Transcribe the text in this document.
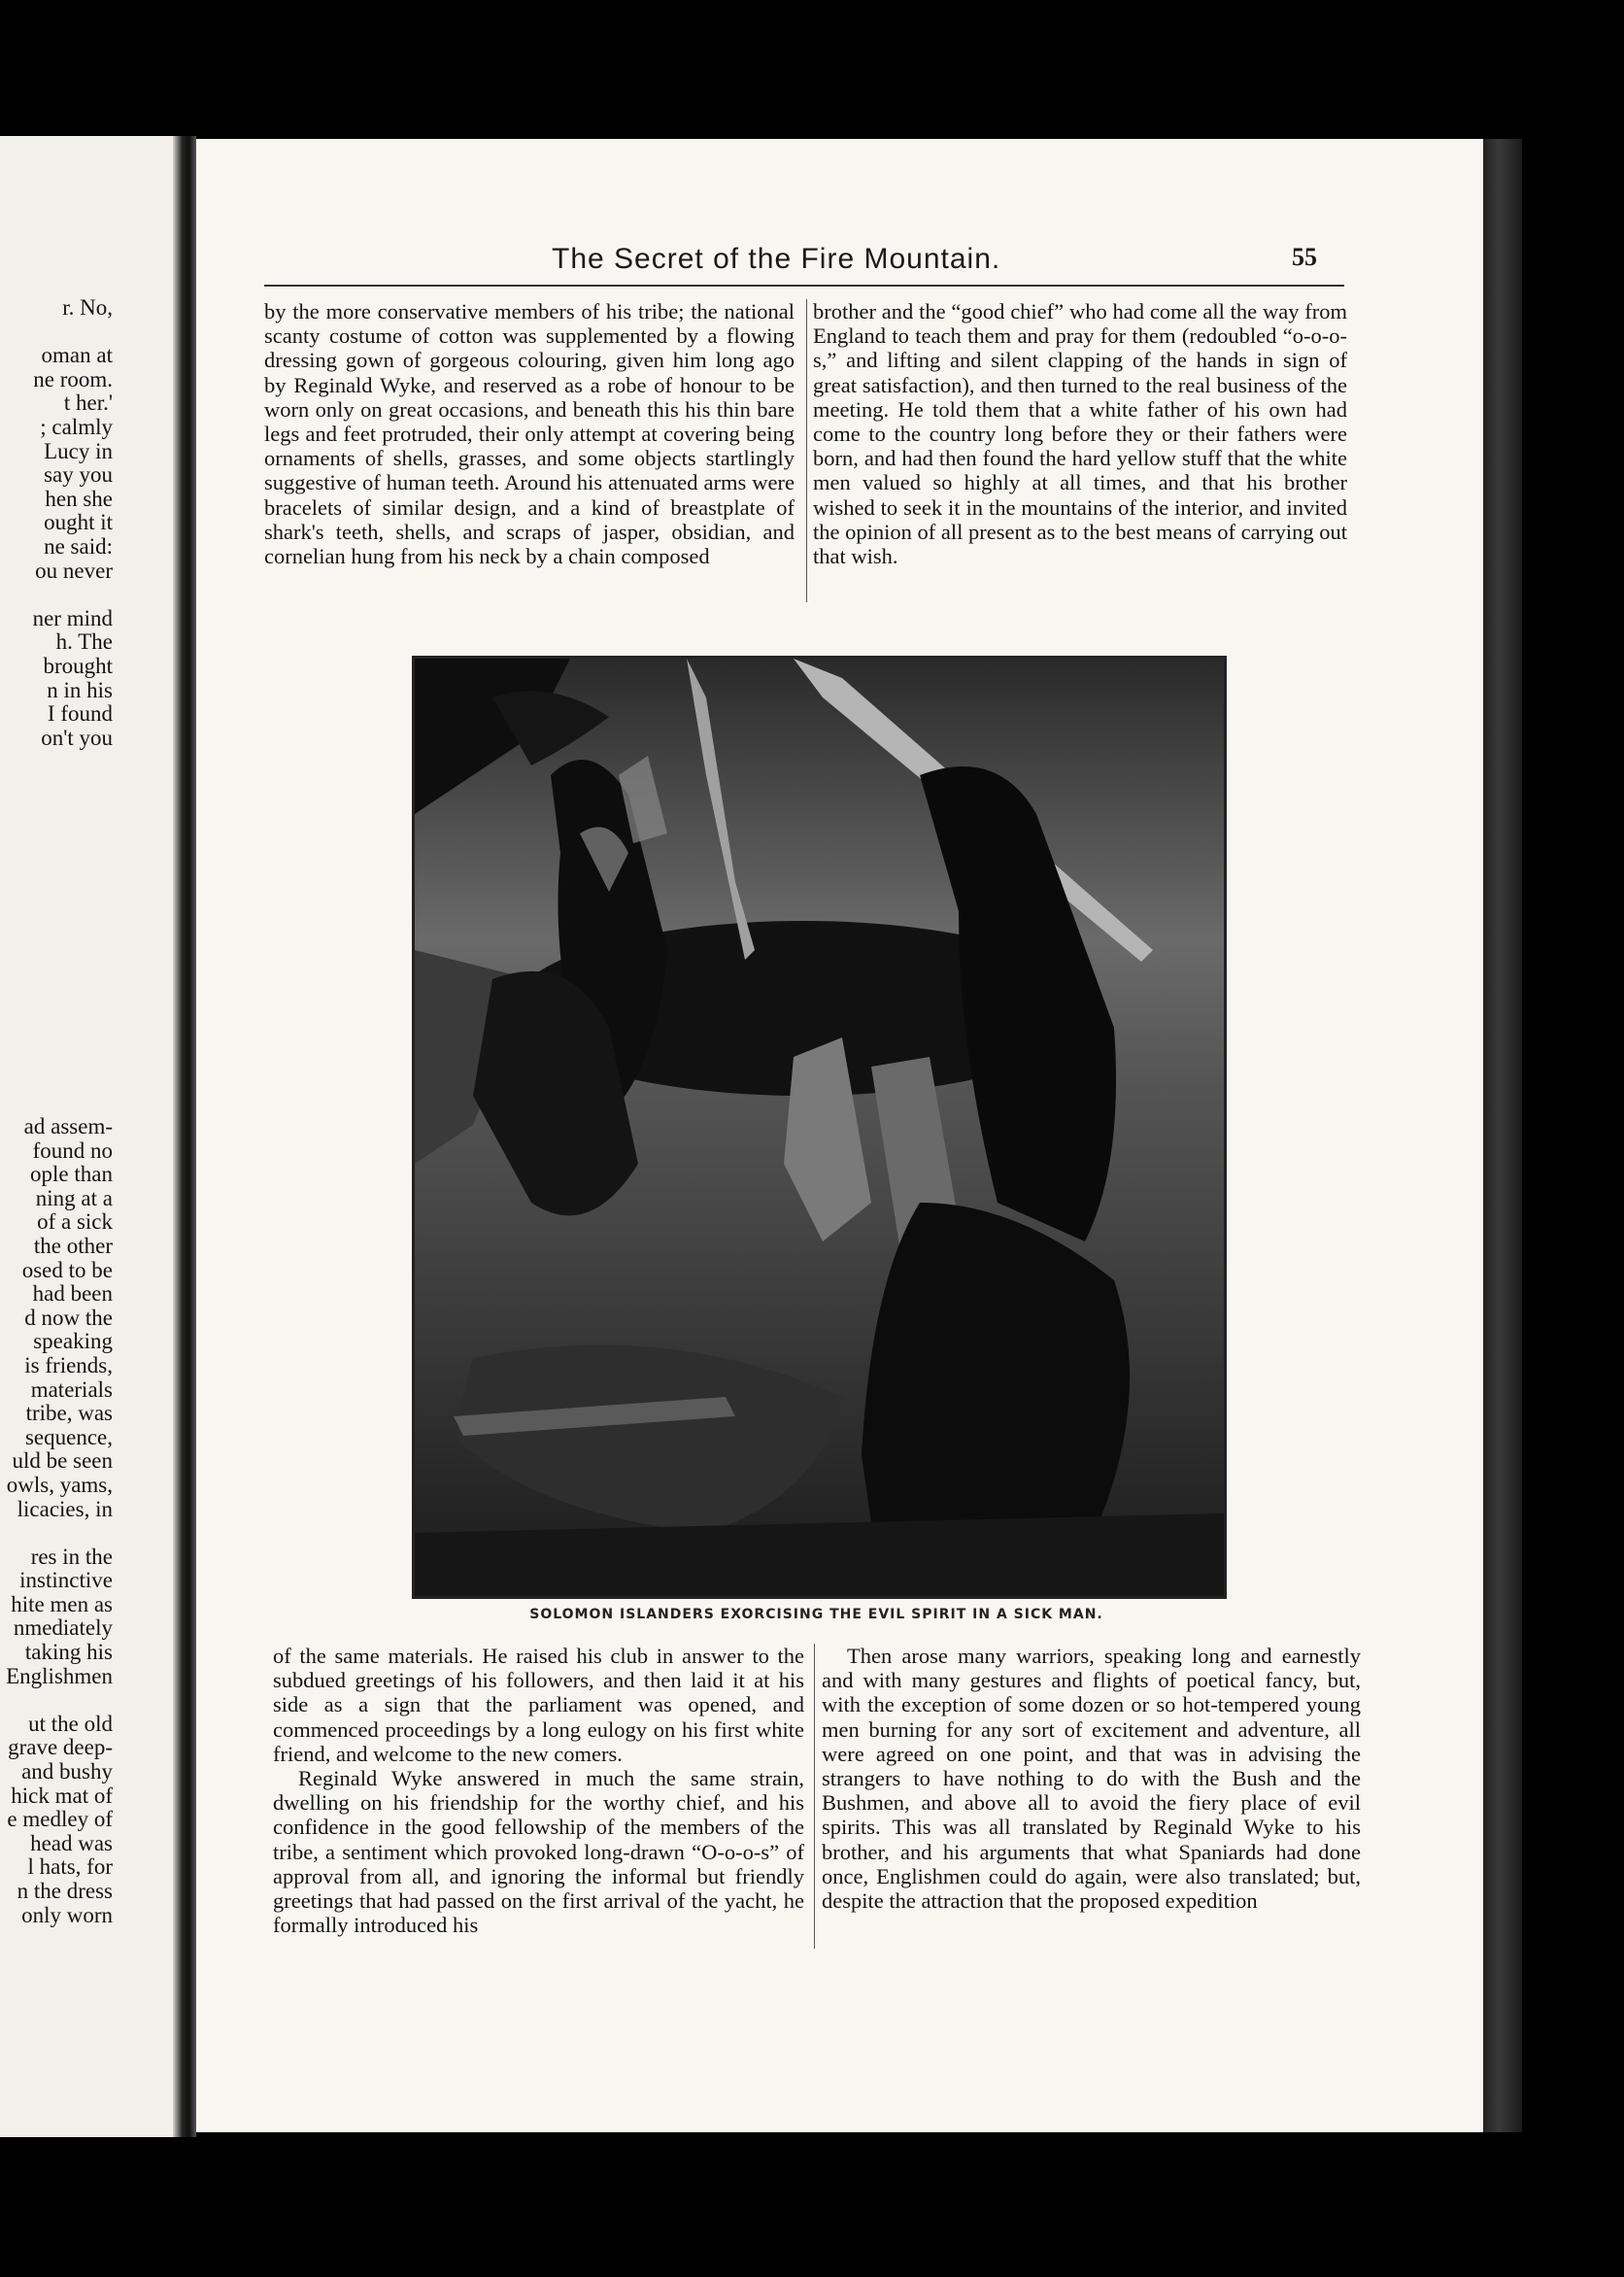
r. No,

oman at
ne room.
t her.'
; calmly
Lucy in
say you
hen she
ought it
ne said:
ou never

ner mind
h. The
brought
n in his
I found
on't you
ad assem-
found no
ople than
ning at a
of a sick
the other
osed to be
had been
d now the
speaking
is friends,
materials
tribe, was
sequence,
uld be seen
owls, yams,
licacies, in

res in the
instinctive
hite men as
nmediately
taking his
Englishmen

ut the old
grave deep-
and bushy
hick mat of
e medley of
head was
l hats, for
n the dress
only worn
The Secret of the Fire Mountain.	55

by the more conservative members of his tribe; the national scanty costume of cotton was supplemented by a flowing dressing gown of gorgeous colouring, given him long ago by Reginald Wyke, and reserved as a robe of honour to be worn only on great occasions, and beneath this his thin bare legs and feet protruded, their only attempt at covering being ornaments of shells, grasses, and some objects startlingly suggestive of human teeth. Around his attenuated arms were bracelets of similar design, and a kind of breastplate of shark's teeth, shells, and scraps of jasper, obsidian, and cornelian hung from his neck by a chain composed

brother and the “good chief” who had come all the way from England to teach them and pray for them (redoubled “o-o-o-s,” and lifting and silent clapping of the hands in sign of great satisfaction), and then turned to the real business of the meeting. He told them that a white father of his own had come to the country long before they or their fathers were born, and had then found the hard yellow stuff that the white men valued so highly at all times, and that his brother wished to seek it in the mountains of the interior, and invited the opinion of all present as to the best means of carrying out that wish.

SOLOMON ISLANDERS EXORCISING THE EVIL SPIRIT IN A SICK MAN.

of the same materials. He raised his club in answer to the subdued greetings of his followers, and then laid it at his side as a sign that the parliament was opened, and commenced proceedings by a long eulogy on his first white friend, and welcome to the new comers.

Reginald Wyke answered in much the same strain, dwelling on his friendship for the worthy chief, and his confidence in the good fellowship of the members of the tribe, a sentiment which provoked long-drawn “O-o-o-s” of approval from all, and ignoring the informal but friendly greetings that had passed on the first arrival of the yacht, he formally introduced his

Then arose many warriors, speaking long and earnestly and with many gestures and flights of poetical fancy, but, with the exception of some dozen or so hot-tempered young men burning for any sort of excitement and adventure, all were agreed on one point, and that was in advising the strangers to have nothing to do with the Bush and the Bushmen, and above all to avoid the fiery place of evil spirits. This was all translated by Reginald Wyke to his brother, and his arguments that what Spaniards had done once, Englishmen could do again, were also translated; but, despite the attraction that the proposed expedition
